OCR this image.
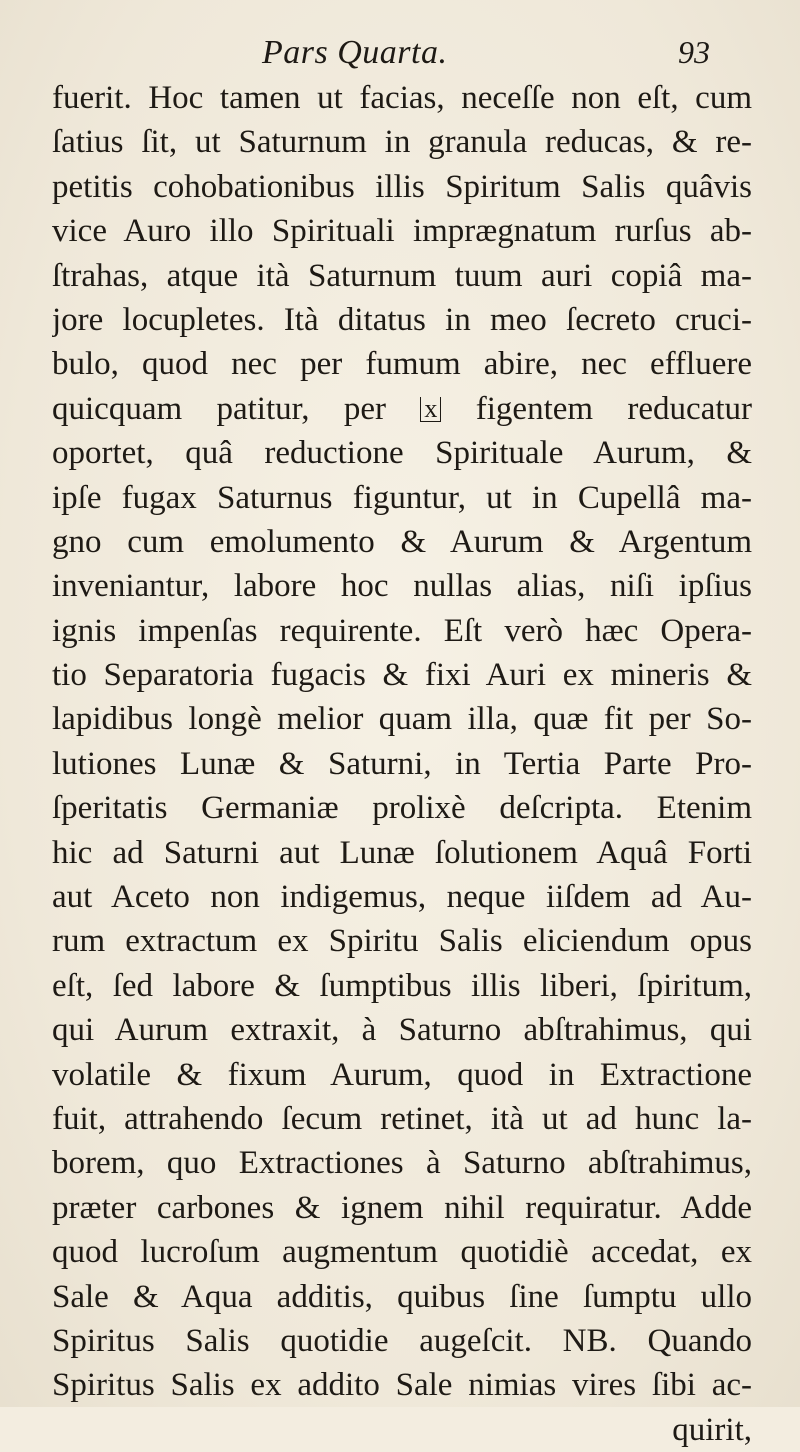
Pars Quarta.	93
fuerit. Hoc tamen ut facias, neceſſe non eſt, cum
ſatius ſit, ut Saturnum in granula reducas, & re-
petitis cohobationibus illis Spiritum Salis quâvis
vice Auro illo Spirituali imprægnatum rurſus ab-
ſtrahas, atque ità Saturnum tuum auri copiâ ma-
jore locupletes. Ità ditatus in meo ſecreto cruci-
bulo, quod nec per fumum abire, nec effluere
quicquam patitur, per x figentem reducatur
oportet, quâ reductione Spirituale Aurum, &
ipſe fugax Saturnus figuntur, ut in Cupellâ ma-
gno cum emolumento & Aurum & Argentum
inveniantur, labore hoc nullas alias, niſi ipſius
ignis impenſas requirente. Eſt verò hæc Opera-
tio Separatoria fugacis & fixi Auri ex mineris &
lapidibus longè melior quam illa, quæ fit per So-
lutiones Lunæ & Saturni, in Tertia Parte Pro-
ſperitatis Germaniæ prolixè deſcripta. Etenim
hic ad Saturni aut Lunæ ſolutionem Aquâ Forti
aut Aceto non indigemus, neque iiſdem ad Au-
rum extractum ex Spiritu Salis eliciendum opus
eſt, ſed labore & ſumptibus illis liberi, ſpiritum,
qui Aurum extraxit, à Saturno abſtrahimus, qui
volatile & fixum Aurum, quod in Extractione
fuit, attrahendo ſecum retinet, ità ut ad hunc la-
borem, quo Extractiones à Saturno abſtrahimus,
præter carbones & ignem nihil requiratur. Adde
quod lucroſum augmentum quotidiè accedat, ex
Sale & Aqua additis, quibus ſine ſumptu ullo
Spiritus Salis quotidie augeſcit. NB. Quando
Spiritus Salis ex addito Sale nimias vires ſibi ac-
quirit,
